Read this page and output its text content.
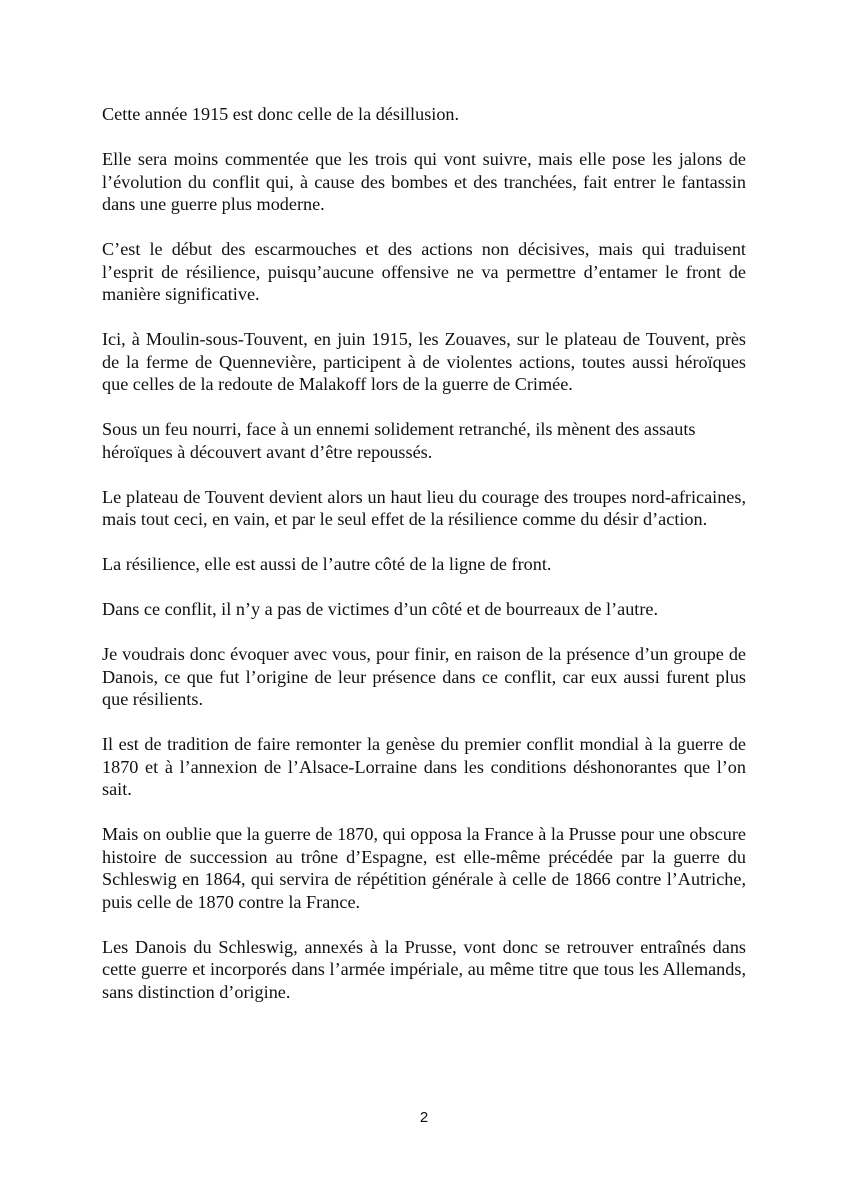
Cette année 1915 est donc celle de la désillusion.

Elle sera moins commentée que les trois qui vont suivre, mais elle pose les jalons de l’évolution du conflit qui, à cause des bombes et des tranchées, fait entrer le fantassin dans une guerre plus moderne.

C’est le début des escarmouches et des actions non décisives, mais qui traduisent l’esprit de résilience, puisqu’aucune offensive ne va permettre d’entamer le front de manière significative.

Ici, à Moulin-sous-Touvent, en juin 1915, les Zouaves, sur le plateau de Touvent, près de la ferme de Quennevière, participent à de violentes actions, toutes aussi héroïques que celles de la redoute de Malakoff lors de la guerre de Crimée.

Sous un feu nourri, face à un ennemi solidement retranché, ils mènent des assauts héroïques à découvert avant d’être repoussés.

Le plateau de Touvent devient alors un haut lieu du courage des troupes nord-africaines, mais tout ceci, en vain, et par le seul effet de la résilience comme du désir d’action.

La résilience, elle est aussi de l’autre côté de la ligne de front.

Dans ce conflit, il n’y a pas de victimes d’un côté et de bourreaux de l’autre.

Je voudrais donc évoquer avec vous, pour finir, en raison de la présence d’un groupe de Danois, ce que fut l’origine de leur présence dans ce conflit, car eux aussi furent plus que résilients.

Il est de tradition de faire remonter la genèse du premier conflit mondial à la guerre de 1870 et à l’annexion de l’Alsace-Lorraine dans les conditions déshonorantes que l’on sait.

Mais on oublie que la guerre de 1870, qui opposa la France à la Prusse pour une obscure histoire de succession au trône d’Espagne, est elle-même précédée par la guerre du Schleswig en 1864, qui servira de répétition générale à celle de 1866 contre l’Autriche, puis celle de 1870 contre la France.

Les Danois du Schleswig, annexés à la Prusse, vont donc se retrouver entraînés dans cette guerre et incorporés dans l’armée impériale, au même titre que tous les Allemands, sans distinction d’origine.

2
